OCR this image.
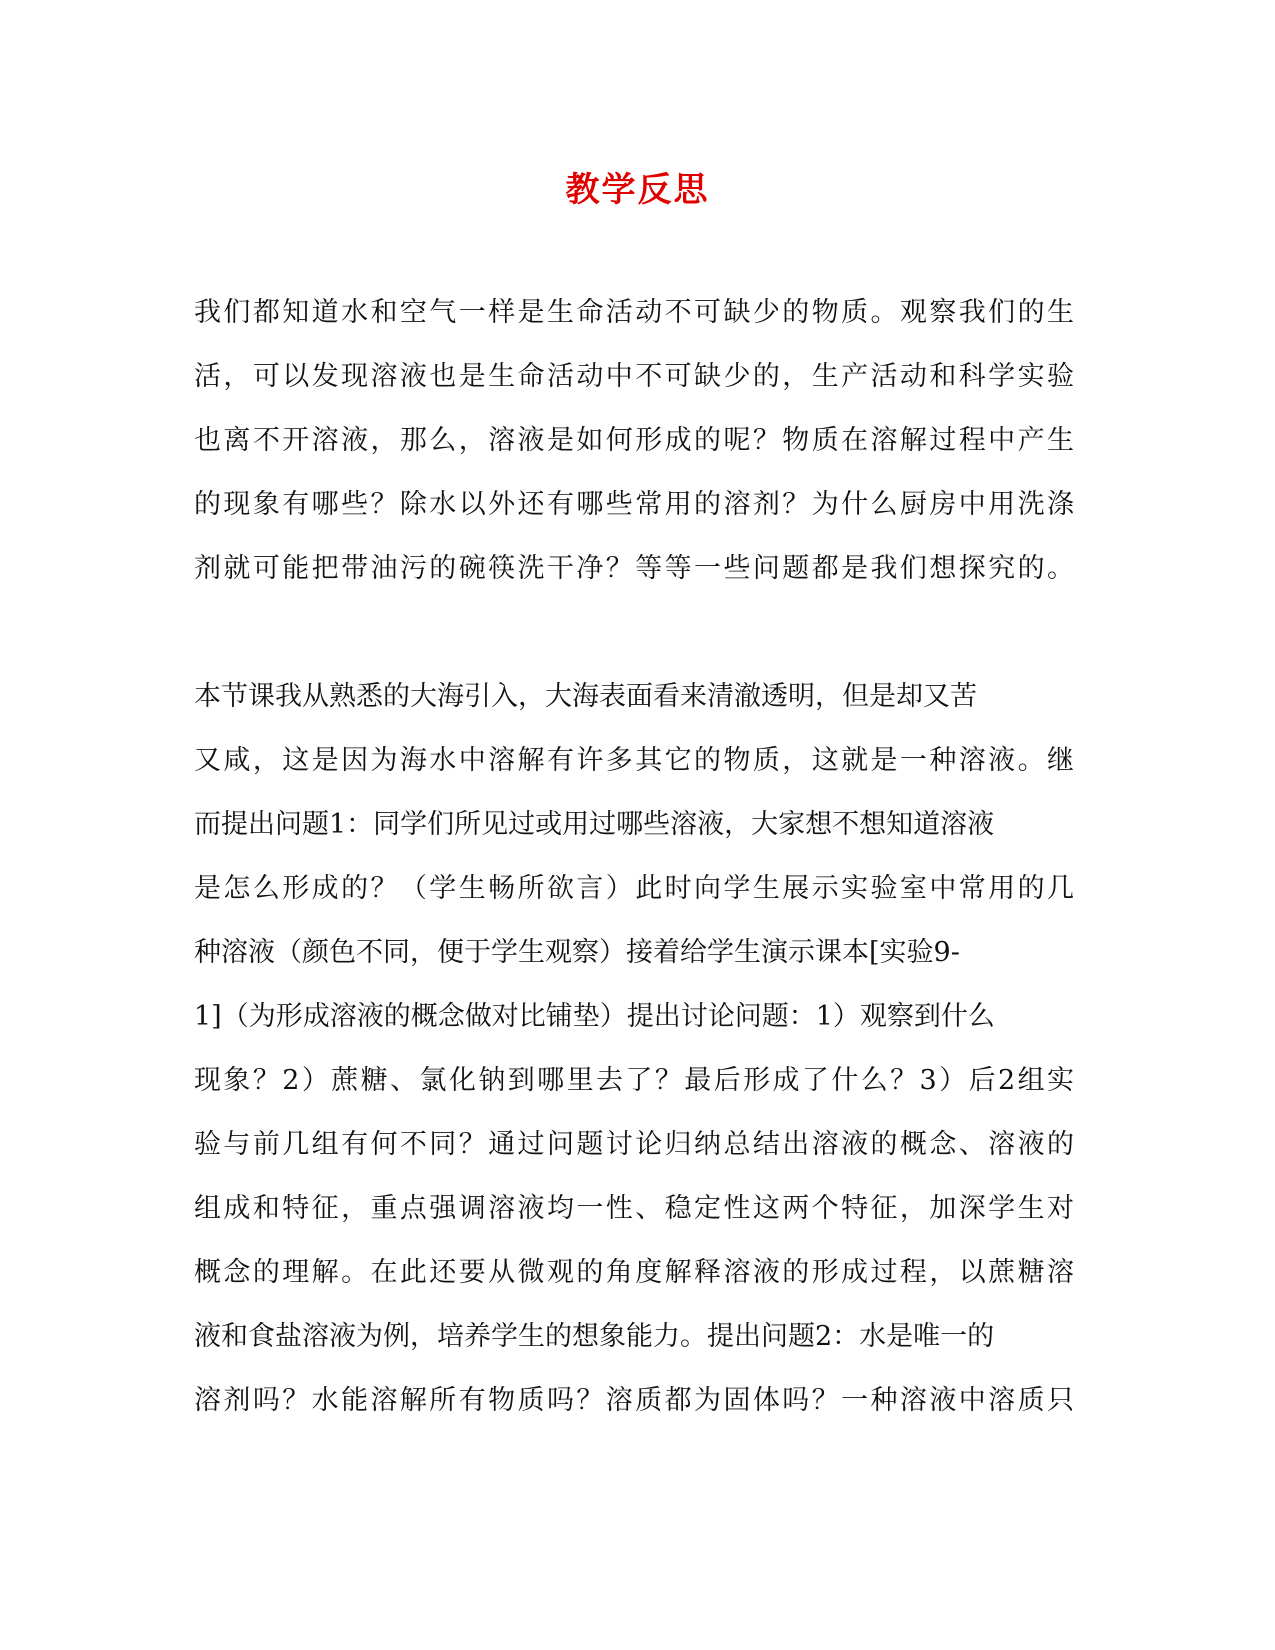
教学反思
我们都知道水和空气一样是生命活动不可缺少的物质。观察我们的生
活，可以发现溶液也是生命活动中不可缺少的，生产活动和科学实验
也离不开溶液，那么，溶液是如何形成的呢？物质在溶解过程中产生
的现象有哪些？除水以外还有哪些常用的溶剂？为什么厨房中用洗涤
剂就可能把带油污的碗筷洗干净？等等一些问题都是我们想探究的。
本节课我从熟悉的大海引入，大海表面看来清澈透明，但是却又苦
又咸，这是因为海水中溶解有许多其它的物质，这就是一种溶液。继
而提出问题1：同学们所见过或用过哪些溶液，大家想不想知道溶液
是怎么形成的？（学生畅所欲言）此时向学生展示实验室中常用的几
种溶液（颜色不同，便于学生观察）接着给学生演示课本[实验9-
1]（为形成溶液的概念做对比铺垫）提出讨论问题：1）观察到什么
现象？2）蔗糖、氯化钠到哪里去了？最后形成了什么？3）后2组实
验与前几组有何不同？通过问题讨论归纳总结出溶液的概念、溶液的
组成和特征，重点强调溶液均一性、稳定性这两个特征，加深学生对
概念的理解。在此还要从微观的角度解释溶液的形成过程，以蔗糖溶
液和食盐溶液为例，培养学生的想象能力。提出问题2：水是唯一的
溶剂吗？水能溶解所有物质吗？溶质都为固体吗？一种溶液中溶质只
